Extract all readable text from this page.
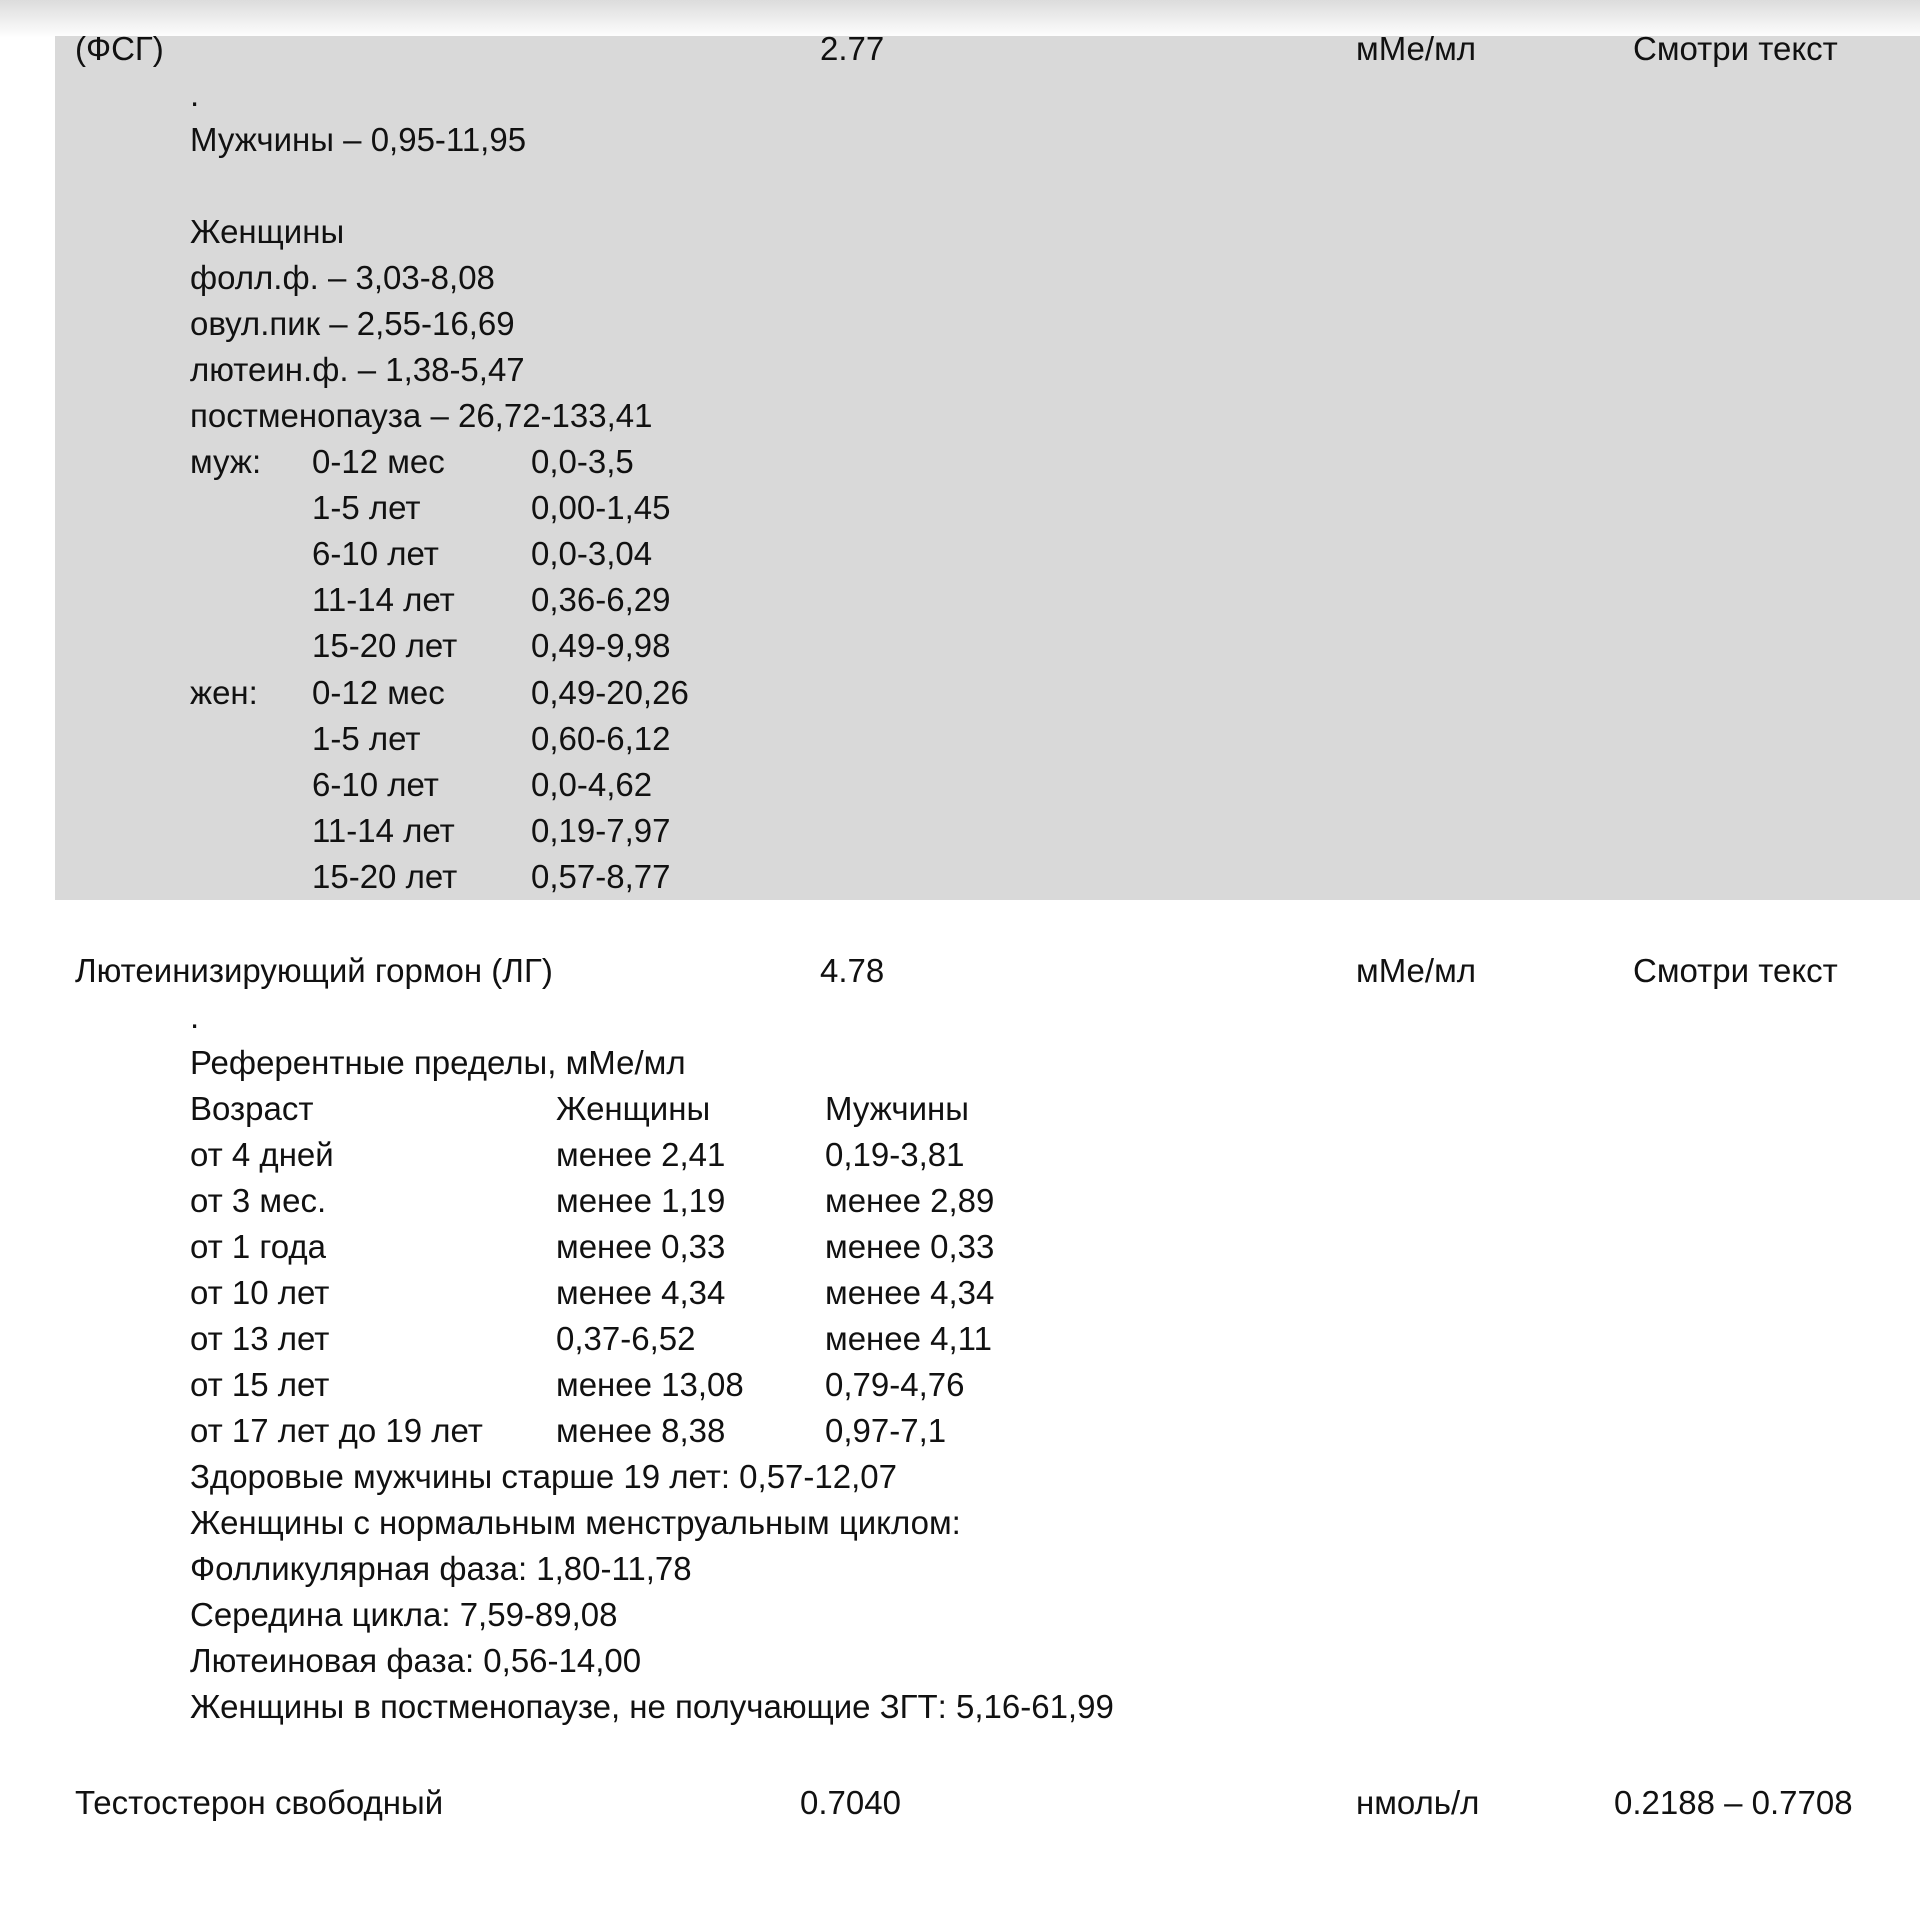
(ФСГ)	2.77	мМе/мл	Смотри текст
.
Мужчины – 0,95-11,95
Женщины
фолл.ф. – 3,03-8,08
овул.пик – 2,55-16,69
лютеин.ф. – 1,38-5,47
постменопауза – 26,72-133,41
муж: 0-12 мес	0,0-3,5
1-5 лет	0,00-1,45
6-10 лет	0,0-3,04
11-14 лет 0,36-6,29
15-20 лет 0,49-9,98
жен: 0-12 мес	0,49-20,26
1-5 лет	0,60-6,12
6-10 лет	0,0-4,62
11-14 лет 0,19-7,97
15-20 лет 0,57-8,77
Лютеинизирующий гормон (ЛГ)	4.78	мМе/мл	Смотри текст
.
Референтные пределы, мМе/мл
Возраст	Женщины	Мужчины
от 4 дней	менее 2,41	0,19-3,81
от 3 мес.	менее 1,19	менее 2,89
от 1 года	менее 0,33	менее 0,33
от 10 лет	менее 4,34	менее 4,34
от 13 лет	0,37-6,52	менее 4,11
от 15 лет	менее 13,08 0,79-4,76
от 17 лет до 19 лет менее 8,38	0,97-7,1
Здоровые мужчины старше 19 лет: 0,57-12,07
Женщины с нормальным менструальным циклом:
Фолликулярная фаза: 1,80-11,78
Середина цикла: 7,59-89,08
Лютеиновая фаза: 0,56-14,00
Женщины в постменопаузе, не получающие ЗГТ: 5,16-61,99
Тестостерон свободный	0.7040	нмоль/л	0.2188 – 0.7708
